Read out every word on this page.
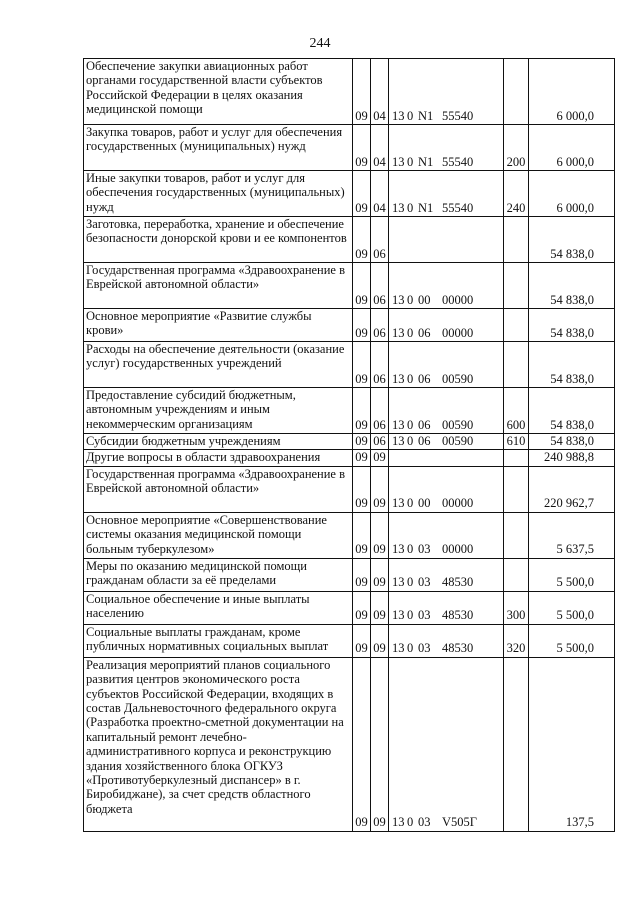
244
Обеспечение закупки авиационных работ органами государственной власти субъектов Российской Федерации в целях оказания медицинской помощи	09	04	13 0 N1 55540		6 000,0
Закупка товаров, работ и услуг для обеспечения государственных (муниципальных) нужд	09	04	13 0 N1 55540	200	6 000,0
Иные закупки товаров, работ и услуг для обеспечения государственных (муниципальных) нужд	09	04	13 0 N1 55540	240	6 000,0
Заготовка, переработка, хранение и обеспечение безопасности донорской крови и ее компонентов	09	06			54 838,0
Государственная программа «Здравоохранение в Еврейской автономной области»	09	06	13 0 00 00000		54 838,0
Основное мероприятие «Развитие службы крови»	09	06	13 0 06 00000		54 838,0
Расходы на обеспечение деятельности (оказание услуг) государственных учреждений	09	06	13 0 06 00590		54 838,0
Предоставление субсидий бюджетным, автономным учреждениям и иным некоммерческим организациям	09	06	13 0 06 00590	600	54 838,0
Субсидии бюджетным учреждениям	09	06	13 0 06 00590	610	54 838,0
Другие вопросы в области здравоохранения	09	09			240 988,8
Государственная программа «Здравоохранение в Еврейской автономной области»	09	09	13 0 00 00000		220 962,7
Основное мероприятие «Совершенствование системы оказания медицинской помощи больным туберкулезом»	09	09	13 0 03 00000		5 637,5
Меры по оказанию медицинской помощи гражданам области за её пределами	09	09	13 0 03 48530		5 500,0
Социальное обеспечение и иные выплаты населению	09	09	13 0 03 48530	300	5 500,0
Социальные выплаты гражданам, кроме публичных нормативных социальных выплат	09	09	13 0 03 48530	320	5 500,0
Реализация мероприятий планов социального развития центров экономического роста субъектов Российской Федерации, входящих в состав Дальневосточного федерального округа (Разработка проектно-сметной документации на капитальный ремонт лечебно-административного корпуса и реконструкцию здания хозяйственного блока ОГКУЗ «Противотуберкулезный диспансер» в г. Биробиджане), за счет средств областного бюджета	09	09	13 0 03 V505Г		137,5
